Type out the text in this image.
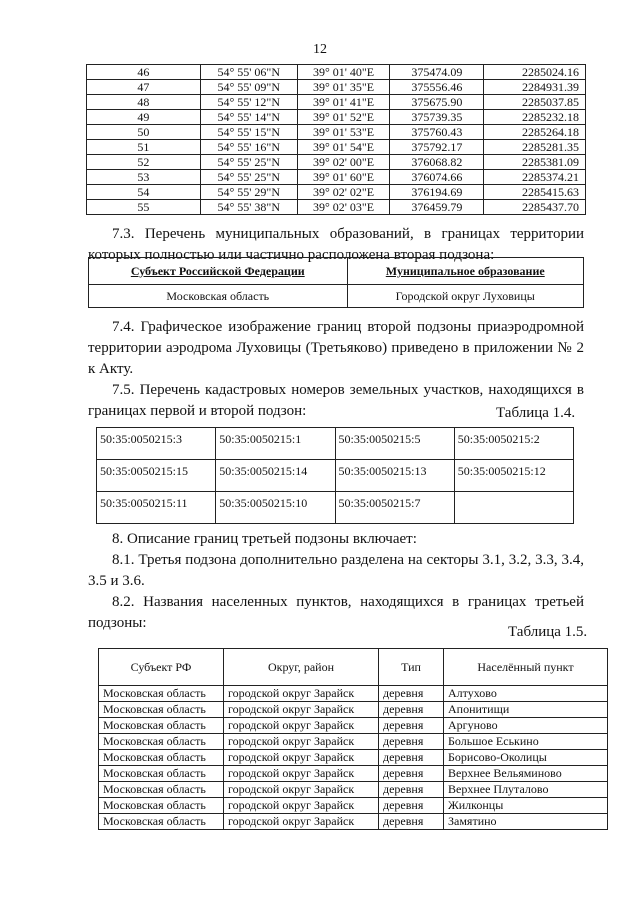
12
46	54° 55' 06"N	39° 01' 40"E	375474.09	2285024.16
47	54° 55' 09"N	39° 01' 35"E	375556.46	2284931.39
48	54° 55' 12"N	39° 01' 41"E	375675.90	2285037.85
49	54° 55' 14"N	39° 01' 52"E	375739.35	2285232.18
50	54° 55' 15"N	39° 01' 53"E	375760.43	2285264.18
51	54° 55' 16"N	39° 01' 54"E	375792.17	2285281.35
52	54° 55' 25"N	39° 02' 00"E	376068.82	2285381.09
53	54° 55' 25"N	39° 01' 60"E	376074.66	2285374.21
54	54° 55' 29"N	39° 02' 02"E	376194.69	2285415.63
55	54° 55' 38"N	39° 02' 03"E	376459.79	2285437.70
7.3. Перечень муниципальных образований, в границах территории которых полностью или частично расположена вторая подзона:
Субъект Российской Федерации	Муниципальное образование
Московская область	Городской округ Луховицы
7.4. Графическое изображение границ второй подзоны приаэродромной территории аэродрома Луховицы (Третьяково) приведено в приложении № 2 к Акту.
7.5. Перечень кадастровых номеров земельных участков, находящихся в границах первой и второй подзон:	Таблица 1.4.
50:35:0050215:3	50:35:0050215:1	50:35:0050215:5	50:35:0050215:2
50:35:0050215:15	50:35:0050215:14	50:35:0050215:13	50:35:0050215:12
50:35:0050215:11	50:35:0050215:10	50:35:0050215:7	
8. Описание границ третьей подзоны включает:
8.1. Третья подзона дополнительно разделена на секторы 3.1, 3.2, 3.3, 3.4, 3.5 и 3.6.
8.2. Названия населенных пунктов, находящихся в границах третьей подзоны:
Таблица 1.5.
Субъект РФ	Округ, район	Тип	Населённый пункт
Московская область	городской округ Зарайск	деревня	Алтухово
Московская область	городской округ Зарайск	деревня	Апонитищи
Московская область	городской округ Зарайск	деревня	Аргуново
Московская область	городской округ Зарайск	деревня	Большое Еськино
Московская область	городской округ Зарайск	деревня	Борисово-Околицы
Московская область	городской округ Зарайск	деревня	Верхнее Вельяминово
Московская область	городской округ Зарайск	деревня	Верхнее Плуталово
Московская область	городской округ Зарайск	деревня	Жилконцы
Московская область	городской округ Зарайск	деревня	Замятино
